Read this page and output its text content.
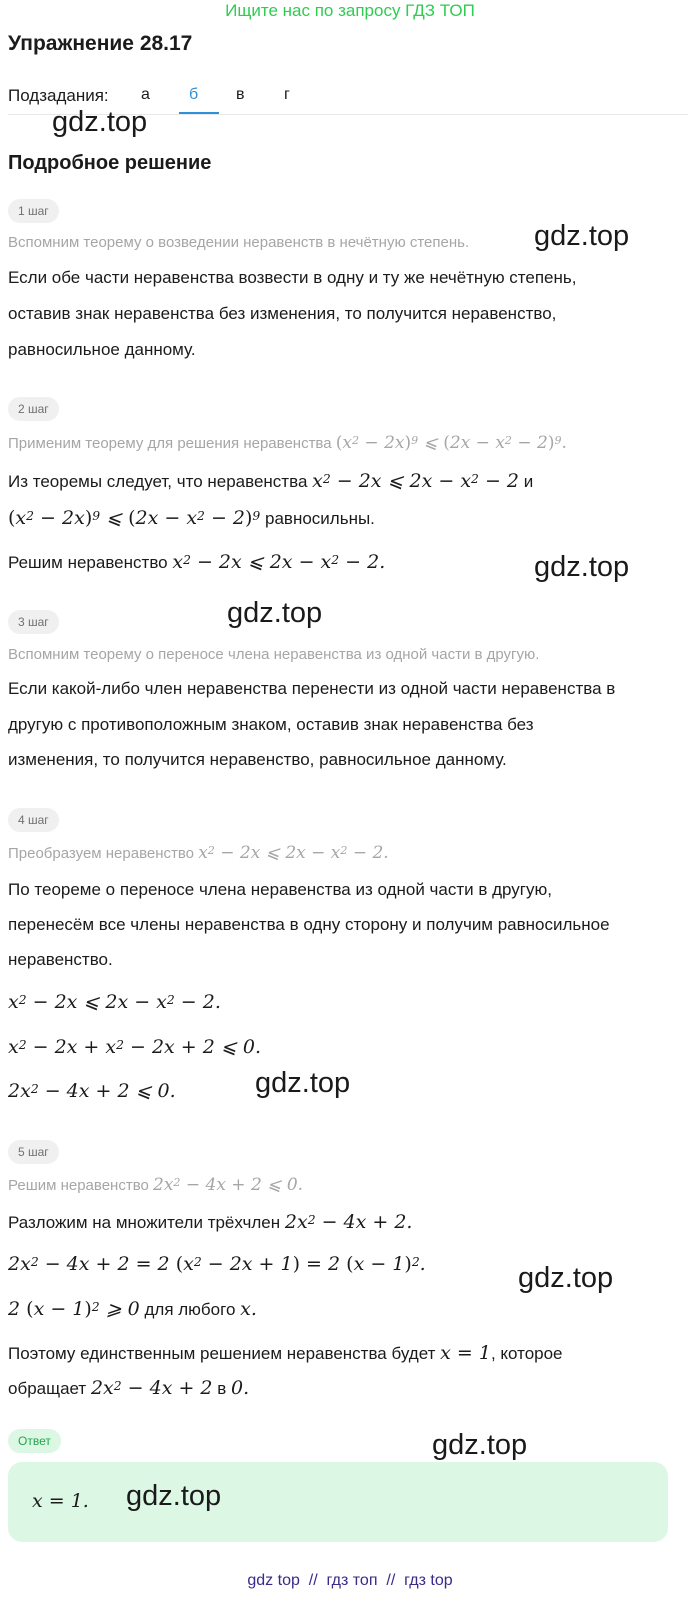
Ищите нас по запросу ГДЗ ТОП
Упражнение 28.17
Подзадания: а б в г
gdz.top
Подробное решение
1 шаг
Вспомним теорему о возведении неравенств в нечётную степень. gdz.top
Если обе части неравенства возвести в одну и ту же нечётную степень,
оставив знак неравенства без изменения, то получится неравенство,
равносильное данному.
2 шаг
Применим теорему для решения неравенства $(x^2 - 2x)^9$ ⩽ $(2x - x^2 - 2)^9$.
Из теоремы следует, что неравенства $x^2 - 2x$ ⩽ $2x - x^2 - 2$ и
$(x^2 - 2x)^9$ ⩽ $(2x - x^2 - 2)^9$ равносильны.
Решим неравенство $x^2 - 2x$ ⩽ $2x - x^2 - 2$.	gdz.top
gdz.top
3 шаг
Вспомним теорему о переносе члена неравенства из одной части в другую.
Если какой-либо член неравенства перенести из одной части неравенства в
другую с противоположным знаком, оставив знак неравенства без
изменения, то получится неравенство, равносильное данному.
4 шаг
Преобразуем неравенство $x^2 - 2x$ ⩽ $2x - x^2 - 2$.
По теореме о переносе члена неравенства из одной части в другую,
перенесём все члены неравенства в одну сторону и получим равносильное
неравенство.
$x^2 - 2x$ ⩽ $2x - x^2 - 2$.
$x^2 - 2x + x^2 - 2x + 2$ ⩽ 0.
$2x^2 - 4x + 2$ ⩽ 0.	gdz.top
5 шаг
Решим неравенство $2x^2 - 4x + 2$ ⩽ 0.
Разложим на множители трёхчлен $2x^2 - 4x + 2$.
$2x^2 - 4x + 2 = 2$ $(x^2 - 2x + 1) = 2$ $(x - 1)^2$.	gdz.top
2 $(x - 1)^2$ ⩾ 0 для любого x.
Поэтому единственным решением неравенства будет x = 1, которое
обращает $2x^2 - 4x + 2$ в 0.
Ответ	gdz.top
x = 1. gdz.top
gdz top  //  гдз топ  //  гдз top
